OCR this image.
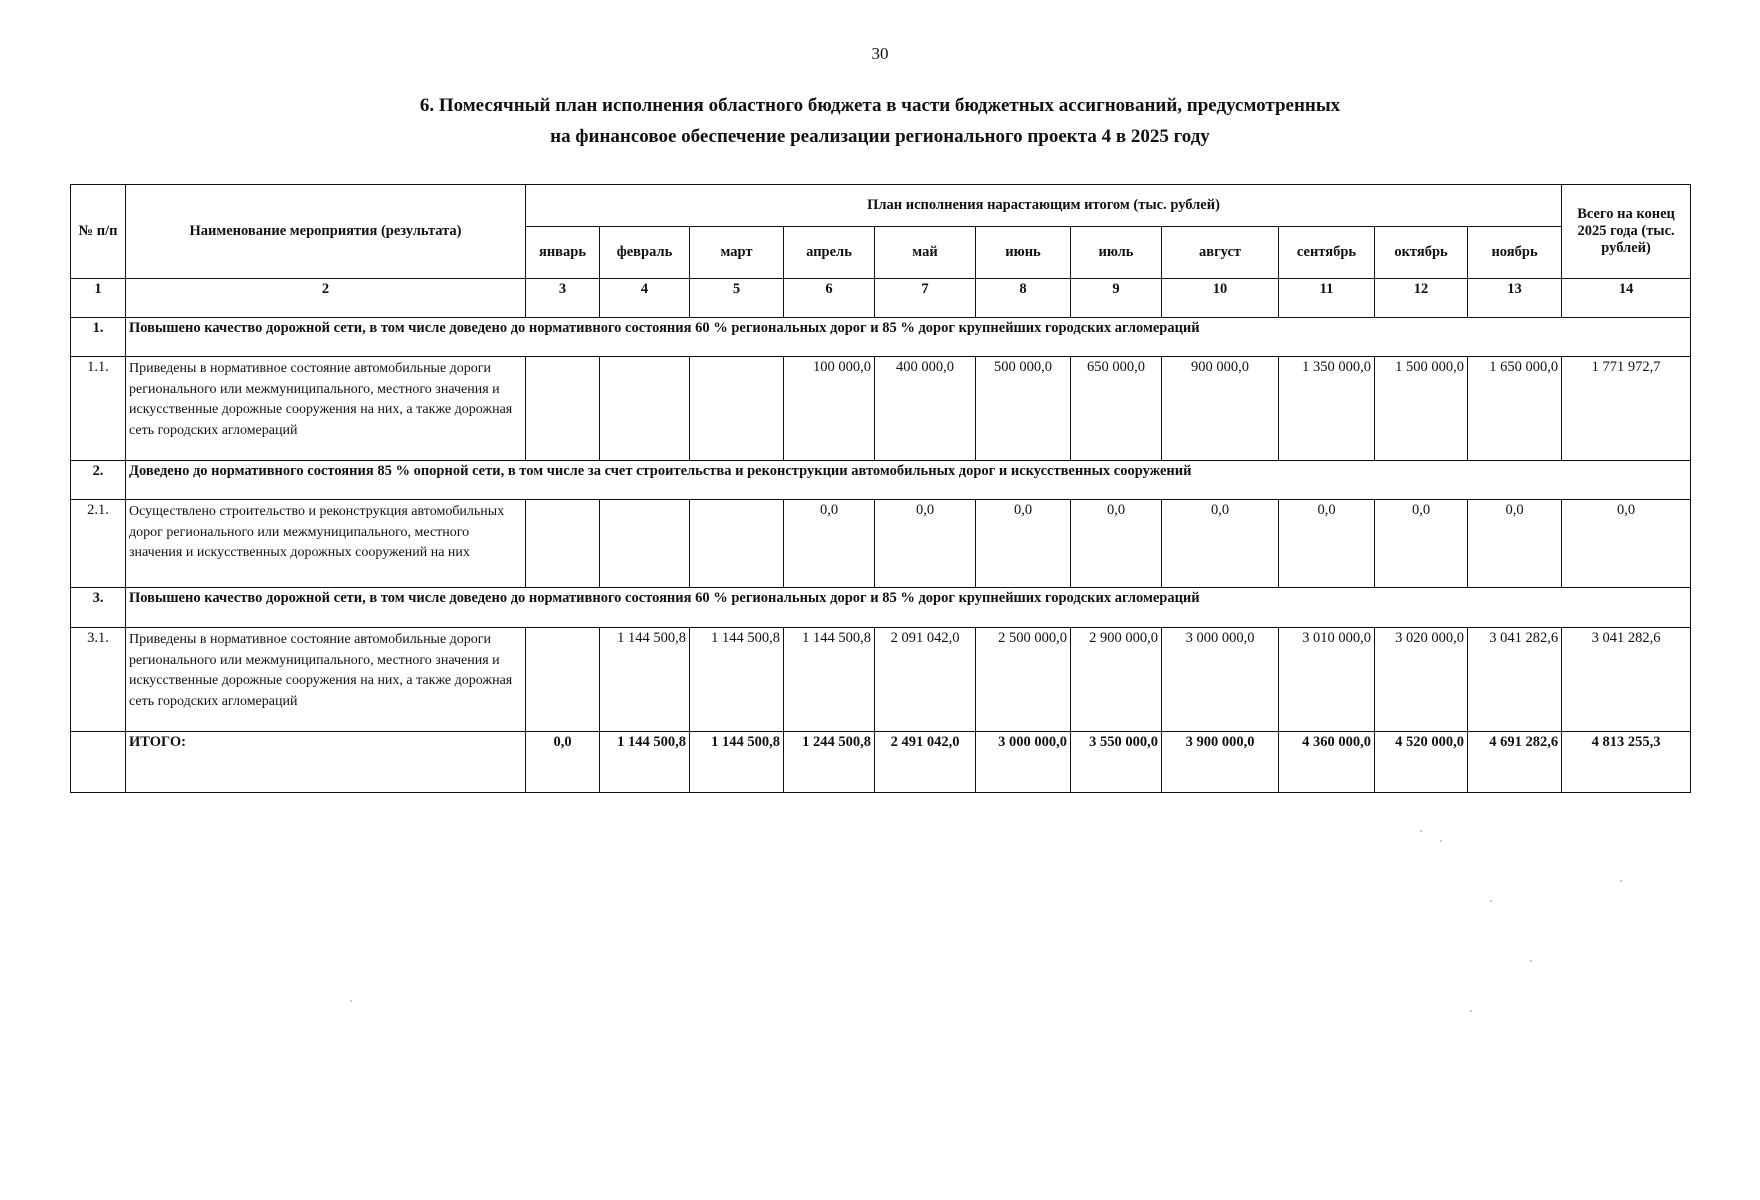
30
6. Помесячный план исполнения областного бюджета в части бюджетных ассигнований, предусмотренных
на финансовое обеспечение реализации регионального проекта 4 в 2025 году
№ п/п	Наименование мероприятия (результата)	План исполнения нарастающим итогом (тыс. рублей)											Всего на конец 2025 года (тыс. рублей)
		январь	февраль	март	апрель	май	июнь	июль	август	сентябрь	октябрь	ноябрь	
1	2	3	4	5	6	7	8	9	10	11	12	13	14
1.	Повышено качество дорожной сети, в том числе доведено до нормативного состояния 60 % региональных дорог и 85 % дорог крупнейших городских агломераций												
1.1.	Приведены в нормативное состояние автомобильные дороги регионального или межмуниципального, местного значения и искусственные дорожные сооружения на них, а также дорожная сеть городских агломераций				100 000,0	400 000,0	500 000,0	650 000,0	900 000,0	1 350 000,0	1 500 000,0	1 650 000,0	1 771 972,7
2.	Доведено до нормативного состояния 85 % опорной сети, в том числе за счет строительства и реконструкции автомобильных дорог и искусственных сооружений												
2.1.	Осуществлено строительство и реконструкция автомобильных дорог регионального или межмуниципального, местного значения и искусственных дорожных сооружений на них				0,0	0,0	0,0	0,0	0,0	0,0	0,0	0,0	0,0
3.	Повышено качество дорожной сети, в том числе доведено до нормативного состояния 60 % региональных дорог и 85 % дорог крупнейших городских агломераций												
3.1.	Приведены в нормативное состояние автомобильные дороги регионального или межмуниципального, местного значения и искусственные дорожные сооружения на них, а также дорожная сеть городских агломераций		1 144 500,8	1 144 500,8	1 144 500,8	2 091 042,0	2 500 000,0	2 900 000,0	3 000 000,0	3 010 000,0	3 020 000,0	3 041 282,6	3 041 282,6
	ИТОГО:	0,0	1 144 500,8	1 144 500,8	1 244 500,8	2 491 042,0	3 000 000,0	3 550 000,0	3 900 000,0	4 360 000,0	4 520 000,0	4 691 282,6	4 813 255,3
